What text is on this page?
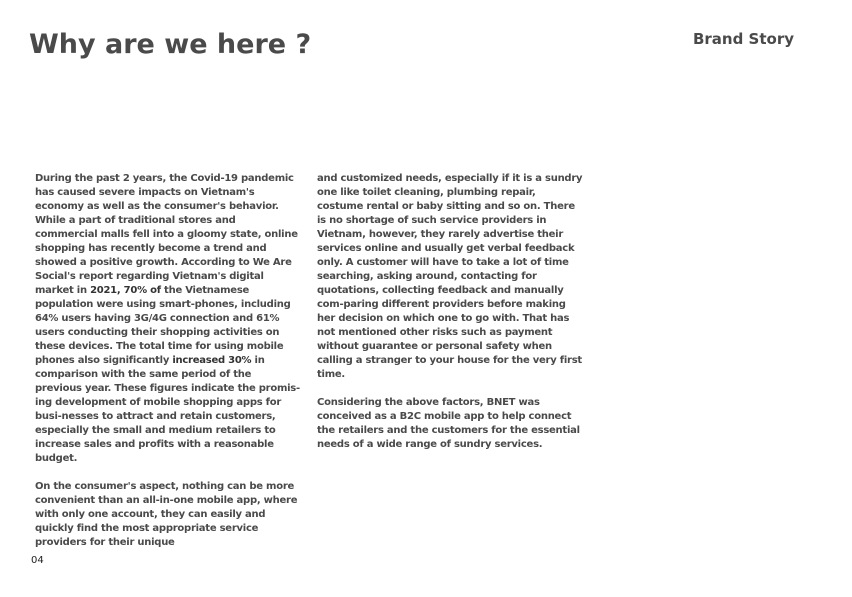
Why are we here ?	Brand Story

During the past 2 years, the Covid-19 pandemic has caused severe impacts on Vietnam's economy as well as the consumer's behavior. While a part of traditional stores and commercial malls fell into a gloomy state, online shopping has recently become a trend and showed a positive growth. According to We Are Social's report regarding Vietnam's digital market in 2021, 70% of the Vietnamese population were using smart-phones, including 64% users having 3G/4G connection and 61% users conducting their shopping activities on these devices. The total time for using mobile phones also significantly increased 30% in comparison with the same period of the previous year. These figures indicate the promis-ing development of mobile shopping apps for busi-nesses to attract and retain customers, especially the small and medium retailers to increase sales and profits with a reasonable budget.

On the consumer's aspect, nothing can be more convenient than an all-in-one mobile app, where with only one account, they can easily and quickly find the most appropriate service providers for their unique

and customized needs, especially if it is a sundry one like toilet cleaning, plumbing repair, costume rental or baby sitting and so on. There is no shortage of such service providers in Vietnam, however, they rarely advertise their services online and usually get verbal feedback only. A customer will have to take a lot of time searching, asking around, contacting for quotations, collecting feedback and manually com-paring different providers before making her decision on which one to go with. That has not mentioned other risks such as payment without guarantee or personal safety when calling a stranger to your house for the very first time.

Considering the above factors, BNET was conceived as a B2C mobile app to help connect the retailers and the customers for the essential needs of a wide range of sundry services.

04
